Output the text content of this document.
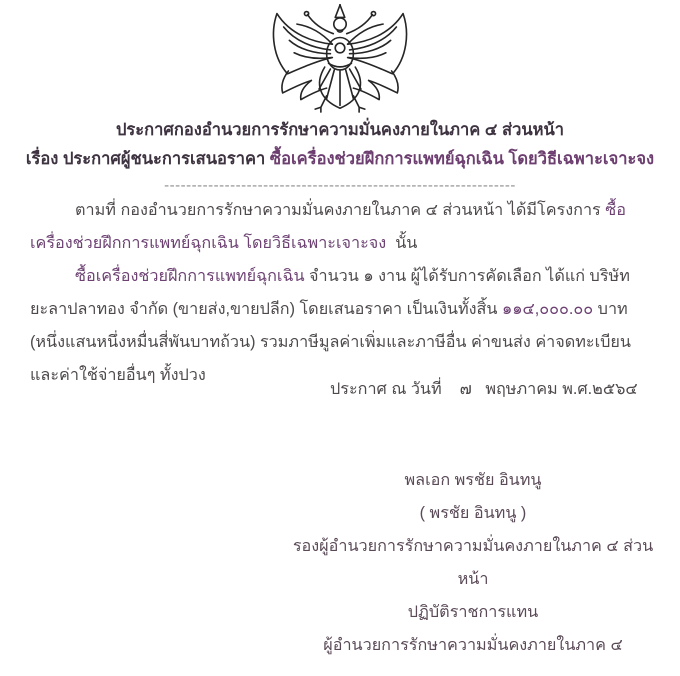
ประกาศกองอำนวยการรักษาความมั่นคงภายในภาค ๔ ส่วนหน้า
เรื่อง ประกาศผู้ชนะการเสนอราคา ซื้อเครื่องช่วยฝึกการแพทย์ฉุกเฉิน โดยวิธีเฉพาะเจาะจง
----------------------------------------------------------------

ตามที่ กองอำนวยการรักษาความมั่นคงภายในภาค ๔ ส่วนหน้า ได้มีโครงการ ซื้อเครื่องช่วยฝึกการแพทย์ฉุกเฉิน โดยวิธีเฉพาะเจาะจง  นั้น

ซื้อเครื่องช่วยฝึกการแพทย์ฉุกเฉิน จำนวน ๑ งาน ผู้ได้รับการคัดเลือก ได้แก่ บริษัท ยะลาปลาทอง จำกัด (ขายส่ง,ขายปลีก) โดยเสนอราคา เป็นเงินทั้งสิ้น ๑๑๔,๐๐๐.๐๐ บาท (หนึ่งแสนหนึ่งหมื่นสี่พันบาทถ้วน) รวมภาษีมูลค่าเพิ่มและภาษีอื่น ค่าขนส่ง ค่าจดทะเบียน และค่าใช้จ่ายอื่นๆ ทั้งปวง

ประกาศ ณ วันที่    ๗   พฤษภาคม พ.ศ.๒๕๖๔
พลเอก พรชัย อินทนู
( พรชัย อินทนู )
รองผู้อำนวยการรักษาความมั่นคงภายในภาค ๔ ส่วนหน้า
ปฏิบัติราชการแทน
ผู้อำนวยการรักษาความมั่นคงภายในภาค ๔
